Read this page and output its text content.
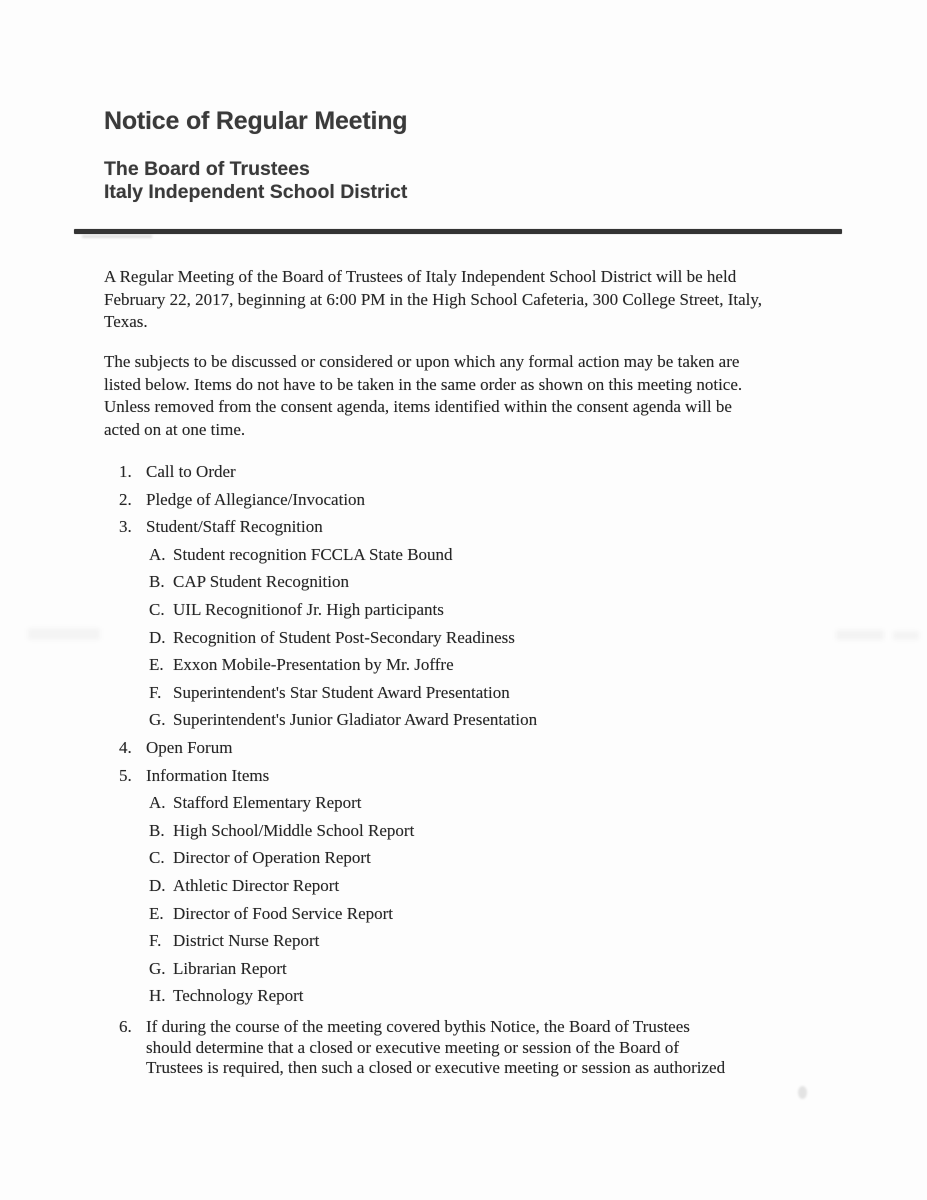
Notice of Regular Meeting
The Board of Trustees
Italy Independent School District
A Regular Meeting of the Board of Trustees of Italy Independent School District will be held
February 22, 2017, beginning at 6:00 PM in the High School Cafeteria, 300 College Street, Italy,
Texas.
The subjects to be discussed or considered or upon which any formal action may be taken are
listed below. Items do not have to be taken in the same order as shown on this meeting notice.
Unless removed from the consent agenda, items identified within the consent agenda will be
acted on at one time.
1. Call to Order
2. Pledge of Allegiance/Invocation
3. Student/Staff Recognition
A. Student recognition FCCLA State Bound
B. CAP Student Recognition
C. UIL Recognitionof Jr. High participants
D. Recognition of Student Post-Secondary Readiness
E. Exxon Mobile-Presentation by Mr. Joffre
F. Superintendent's Star Student Award Presentation
G. Superintendent's Junior Gladiator Award Presentation
4. Open Forum
5. Information Items
A. Stafford Elementary Report
B. High School/Middle School Report
C. Director of Operation Report
D. Athletic Director Report
E. Director of Food Service Report
F. District Nurse Report
G. Librarian Report
H. Technology Report
6. If during the course of the meeting covered bythis Notice, the Board of Trustees
should determine that a closed or executive meeting or session of the Board of
Trustees is required, then such a closed or executive meeting or session as authorized
